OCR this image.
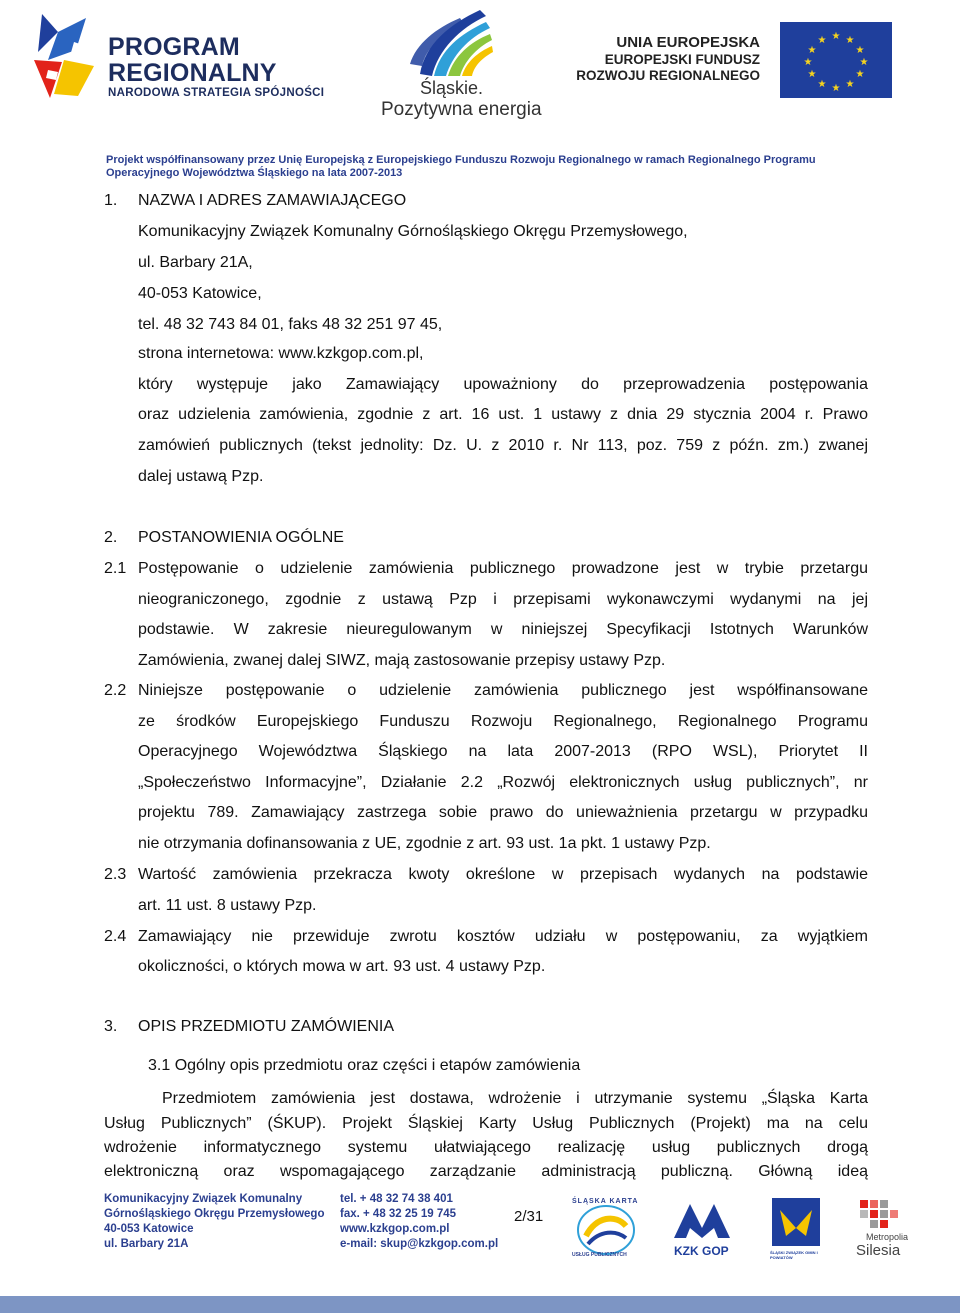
PROGRAM
REGIONALNY
NARODOWA STRATEGIA SPÓJNOŚCI	Śląskie.
Pozytywna energia
UNIA EUROPEJSKA
EUROPEJSKI FUNDUSZ
ROZWOJU REGIONALNEGO
★ ★
★
★
★
★
★
★
★
★
★
★
Projekt współfinansowany przez Unię Europejską z Europejskiego Funduszu Rozwoju Regionalnego w ramach Regionalnego Programu
Operacyjnego Województwa Śląskiego na lata 2007-2013
1. NAZWA I ADRES ZAMAWIAJĄCEGO
Komunikacyjny Związek Komunalny Górnośląskiego Okręgu Przemysłowego,
ul. Barbary 21A,
40-053 Katowice,
tel. 48 32 743 84 01, faks 48 32 251 97 45,
strona internetowa: www.kzkgop.com.pl,
który występuje jako Zamawiający upoważniony do przeprowadzenia postępowania
oraz udzielenia zamówienia, zgodnie z art. 16 ust. 1 ustawy z dnia 29 stycznia 2004 r. Prawo
zamówień publicznych (tekst jednolity: Dz. U. z 2010 r. Nr 113, poz. 759 z późn. zm.) zwanej
dalej ustawą Pzp.
2. POSTANOWIENIA OGÓLNE
2.1 Postępowanie o udzielenie zamówienia publicznego prowadzone jest w trybie przetargu
nieograniczonego, zgodnie z ustawą Pzp i przepisami wykonawczymi wydanymi na jej
podstawie. W zakresie nieuregulowanym w niniejszej Specyfikacji Istotnych Warunków
Zamówienia, zwanej dalej SIWZ, mają zastosowanie przepisy ustawy Pzp.
2.2 Niniejsze postępowanie o udzielenie zamówienia publicznego jest współfinansowane
ze środków Europejskiego Funduszu Rozwoju Regionalnego, Regionalnego Programu
Operacyjnego Województwa Śląskiego na lata 2007-2013 (RPO WSL), Priorytet II
„Społeczeństwo Informacyjne”, Działanie 2.2 „Rozwój elektronicznych usług publicznych”, nr
projektu 789. Zamawiający zastrzega sobie prawo do unieważnienia przetargu w przypadku
nie otrzymania dofinansowania z UE, zgodnie z art. 93 ust. 1a pkt. 1 ustawy Pzp.
2.3 Wartość zamówienia przekracza kwoty określone w przepisach wydanych na podstawie
art. 11 ust. 8 ustawy Pzp.
2.4 Zamawiający nie przewiduje zwrotu kosztów udziału w postępowaniu, za wyjątkiem
okoliczności, o których mowa w art. 93 ust. 4 ustawy Pzp.
3. OPIS PRZEDMIOTU ZAMÓWIENIA
3.1 Ogólny opis przedmiotu oraz części i etapów zamówienia
Przedmiotem zamówienia jest dostawa, wdrożenie i utrzymanie systemu „Śląska Karta
Usług Publicznych” (ŚKUP). Projekt Śląskiej Karty Usług Publicznych (Projekt) ma na celu
wdrożenie informatycznego systemu ułatwiającego realizację usług publicznych drogą
elektroniczną oraz wspomagającego zarządzanie administracją publiczną. Główną ideą
Komunikacyjny Związek Komunalny
Górnośląskiego Okręgu Przemysłowego
40-053 Katowice
ul. Barbary 21A
tel. + 48 32 74 38 401
fax. + 48 32 25 19 745
www.kzkgop.com.pl
e-mail: skup@kzkgop.com.pl
2/31
ŚLĄSKA KARTA
USŁUG PUBLICZNYCH	KZK GOP	ŚLĄSKI ZWIĄZEK GMIN I POWIATÓW
Metropolia
Silesia
